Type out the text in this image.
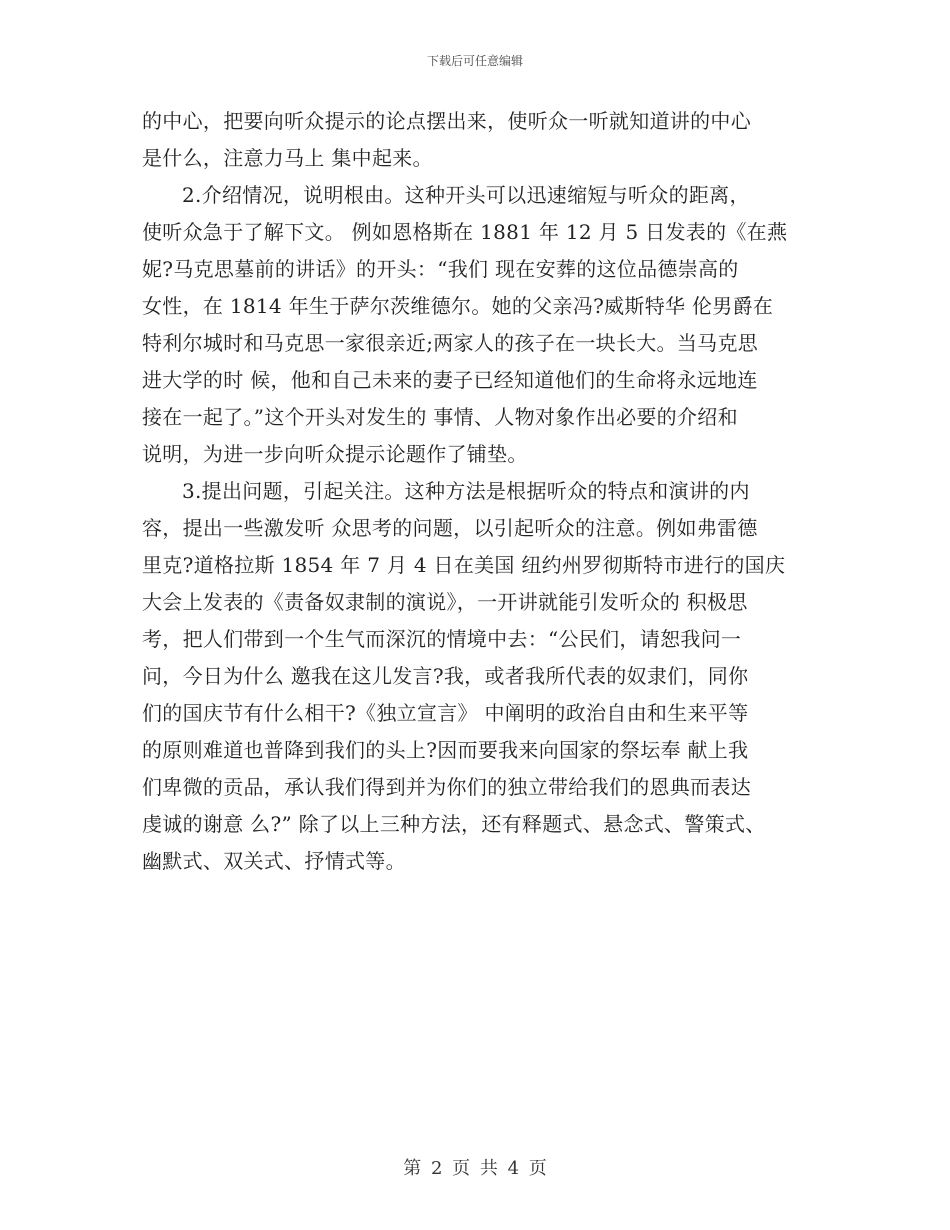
下载后可任意编辑
的中心，把要向听众提示的论点摆出来，使听众一听就知道讲的中心
是什么，注意力马上 集中起来。
2.介绍情况，说明根由。这种开头可以迅速缩短与听众的距离，
使听众急于了解下文。 例如恩格斯在 1881 年 12 月 5 日发表的《在燕
妮?马克思墓前的讲话》的开头：“我们 现在安葬的这位品德崇高的
女性，在 1814 年生于萨尔茨维德尔。她的父亲冯?威斯特华 伦男爵在
特利尔城时和马克思一家很亲近;两家人的孩子在一块长大。当马克思
进大学的时 候，他和自己未来的妻子已经知道他们的生命将永远地连
接在一起了。”这个开头对发生的 事情、人物对象作出必要的介绍和
说明，为进一步向听众提示论题作了铺垫。
3.提出问题，引起关注。这种方法是根据听众的特点和演讲的内
容，提出一些激发听 众思考的问题，以引起听众的注意。例如弗雷德
里克?道格拉斯 1854 年 7 月 4 日在美国 纽约州罗彻斯特市进行的国庆
大会上发表的《责备奴隶制的演说》，一开讲就能引发听众的 积极思
考，把人们带到一个生气而深沉的情境中去：“公民们，请恕我问一
问，今日为什么 邀我在这儿发言?我，或者我所代表的奴隶们，同你
们的国庆节有什么相干?《独立宣言》 中阐明的政治自由和生来平等
的原则难道也普降到我们的头上?因而要我来向国家的祭坛奉 献上我
们卑微的贡品，承认我们得到并为你们的独立带给我们的恩典而表达
虔诚的谢意 么?” 除了以上三种方法，还有释题式、悬念式、警策式、
幽默式、双关式、抒情式等。
第 2 页 共 4 页
